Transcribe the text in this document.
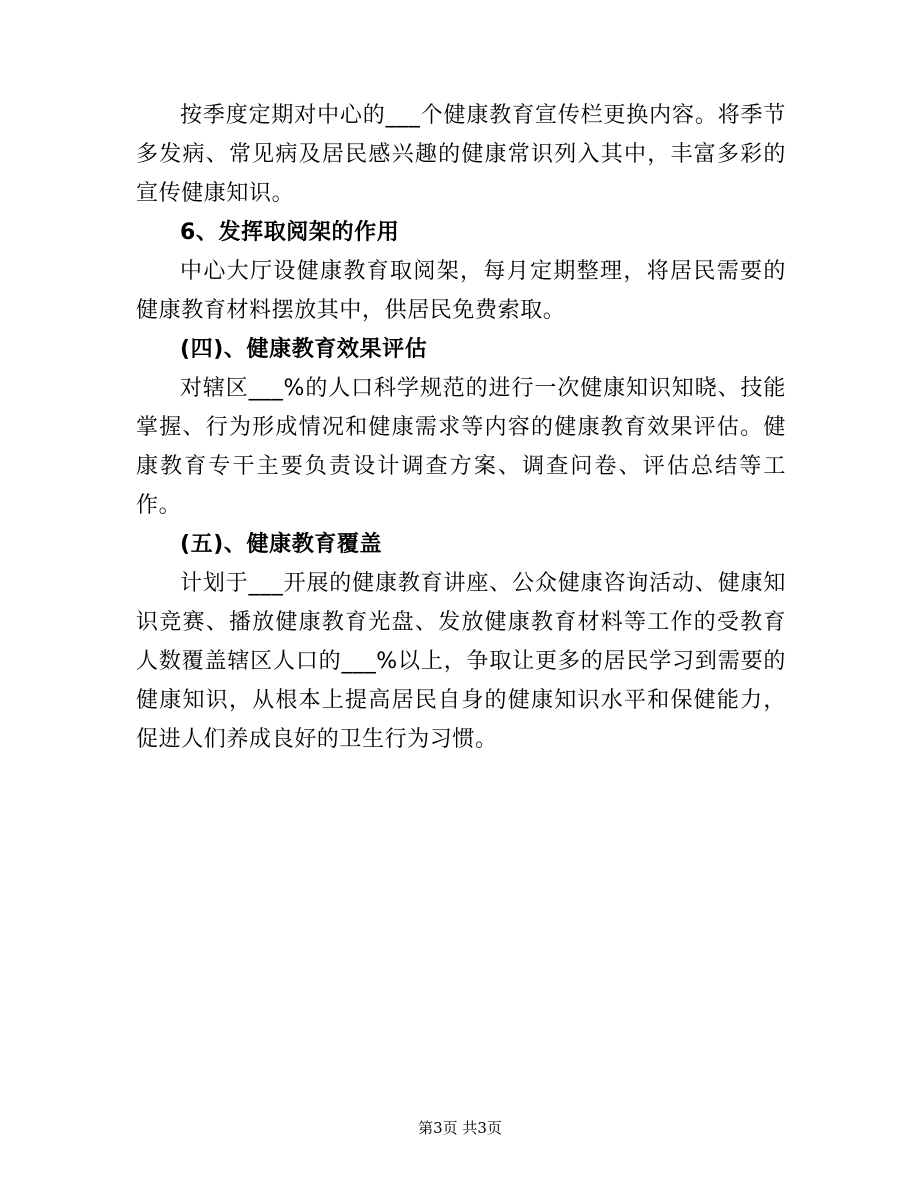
按季度定期对中心的___个健康教育宣传栏更换内容。将季节多发病、常见病及居民感兴趣的健康常识列入其中，丰富多彩的宣传健康知识。

6、发挥取阅架的作用

中心大厅设健康教育取阅架，每月定期整理，将居民需要的健康教育材料摆放其中，供居民免费索取。

(四)、健康教育效果评估

对辖区___%的人口科学规范的进行一次健康知识知晓、技能掌握、行为形成情况和健康需求等内容的健康教育效果评估。健康教育专干主要负责设计调查方案、调查问卷、评估总结等工作。

(五)、健康教育覆盖

计划于___开展的健康教育讲座、公众健康咨询活动、健康知识竞赛、播放健康教育光盘、发放健康教育材料等工作的受教育人数覆盖辖区人口的___%以上，争取让更多的居民学习到需要的健康知识，从根本上提高居民自身的健康知识水平和保健能力，促进人们养成良好的卫生行为习惯。

第3页 共3页
